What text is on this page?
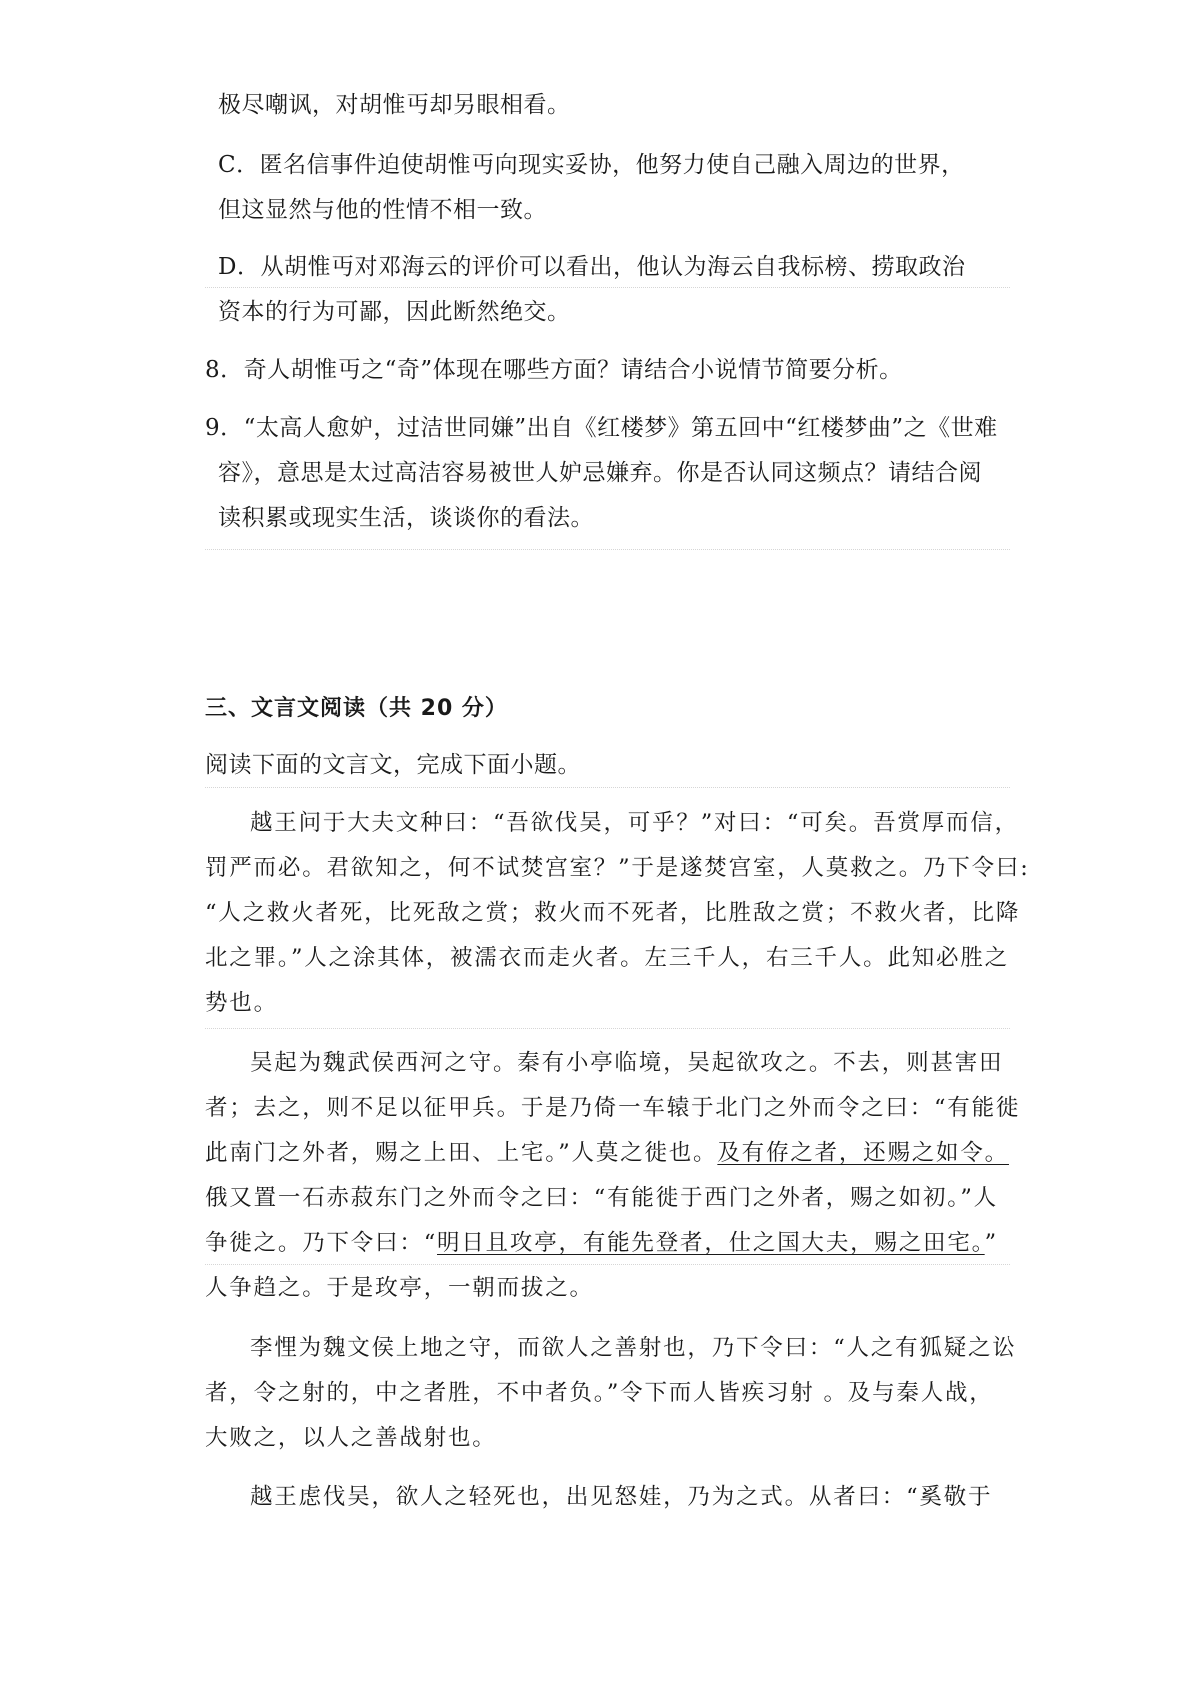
极尽嘲讽，对胡惟丏却另眼相看。
C．匿名信事件迫使胡惟丏向现实妥协，他努力使自己融入周边的世界，
但这显然与他的性情不相一致。
D．从胡惟丏对邓海云的评价可以看出，他认为海云自我标榜、捞取政治
资本的行为可鄙，因此断然绝交。
8．奇人胡惟丏之“奇”体现在哪些方面？请结合小说情节简要分析。
9．“太高人愈妒，过洁世同嫌”出自《红楼梦》第五回中“红楼梦曲”之《世难
容》，意思是太过高洁容易被世人妒忌嫌弃。你是否认同这频点？请结合阅
读积累或现实生活，谈谈你的看法。
三、文言文阅读（共 20 分）
阅读下面的文言文，完成下面小题。
越王问于大夫文种曰：“吾欲伐吴，可乎？”对曰：“可矣。吾赏厚而信，
罚严而必。君欲知之，何不试焚宫室？”于是遂焚宫室，人莫救之。乃下令曰:
“人之救火者死，比死敌之赏；救火而不死者，比胜敌之赏；不救火者，比降
北之罪。”人之涂其体，被濡衣而走火者。左三千人，右三千人。此知必胜之
势也。
吴起为魏武侯西河之守。秦有小亭临境，吴起欲攻之。不去，则甚害田
者；去之，则不足以征甲兵。于是乃倚一车辕于北门之外而令之曰：“有能徙
此南门之外者，赐之上田、上宅。”人莫之徙也。及有侟之者，还赐之如令。
俄又置一石赤菽东门之外而令之曰：“有能徙于西门之外者，赐之如初。”人
争徙之。乃下令曰：“明日且攻亭，有能先登者，仕之国大夫，赐之田宅。”
人争趋之。于是玫亭，一朝而拔之。
李悝为魏文侯上地之守，而欲人之善射也，乃下令曰：“人之有狐疑之讼
者，令之射的，中之者胜，不中者负。”令下而人皆疾习射 。及与秦人战，
大败之，以人之善战射也。
越王虑伐吴，欲人之轻死也，出见怒娃，乃为之式。从者曰：“奚敬于
